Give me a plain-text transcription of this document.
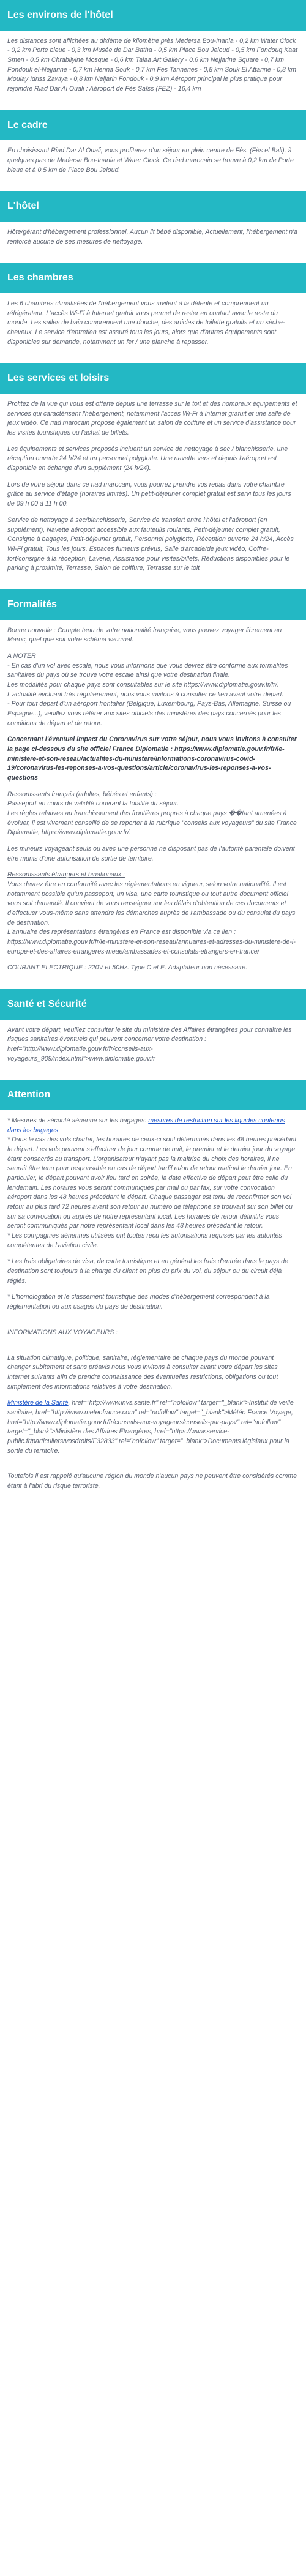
Les environs de l'hôtel

Les distances sont affichées au dixième de kilomètre près Medersa Bou-Inania - 0,2 km Water Clock - 0,2 km Porte bleue - 0,3 km Musée de Dar Batha - 0,5 km Place Bou Jeloud - 0,5 km Fondouq Kaat Smen - 0,5 km Chrabliyine Mosque - 0,6 km Talaa Art Gallery - 0,6 km Nejjarine Square - 0,7 km Fondouk el-Nejjarine - 0,7 km Henna Souk - 0,7 km Fes Tanneries - 0,8 km Souk El Attarine - 0,8 km Moulay Idriss Zawiya - 0,8 km Neljarin Fondouk - 0,9 km Aéroport principal le plus pratique pour rejoindre Riad Dar Al Ouali : Aéroport de Fès Saïss (FEZ) - 16,4 km

Le cadre

En choisissant Riad Dar Al Ouali, vous profiterez d'un séjour en plein centre de Fès. (Fès el Bali), à quelques pas de Medersa Bou-Inania et Water Clock. Ce riad marocain se trouve à 0,2 km de Porte bleue et à 0,5 km de Place Bou Jeloud.

L'hôtel

Hôte/gérant d'hébergement professionnel, Aucun lit bébé disponible, Actuellement, l'hébergement n'a renforcé aucune de ses mesures de nettoyage.

Les chambres

Les 6 chambres climatisées de l'hébergement vous invitent à la détente et comprennent un réfrigérateur. L'accès Wi-Fi à Internet gratuit vous permet de rester en contact avec le reste du monde. Les salles de bain comprennent une douche, des articles de toilette gratuits et un sèche-cheveux. Le service d'entretien est assuré tous les jours, alors que d'autres équipements sont disponibles sur demande, notamment un fer / une planche à repasser.

Les services et loisirs

Profitez de la vue qui vous est offerte depuis une terrasse sur le toit et des nombreux équipements et services qui caractérisent l'hébergement, notamment l'accès Wi-Fi à Internet gratuit et une salle de jeux vidéo. Ce riad marocain propose également un salon de coiffure et un service d'assistance pour les visites touristiques ou l'achat de billets.

Les équipements et services proposés incluent un service de nettoyage à sec / blanchisserie, une réception ouverte 24 h/24 et un personnel polyglotte. Une navette vers et depuis l'aéroport est disponible en échange d'un supplément (24 h/24).

Lors de votre séjour dans ce riad marocain, vous pourrez prendre vos repas dans votre chambre grâce au service d'étage (horaires limités). Un petit-déjeuner complet gratuit est servi tous les jours de 09 h 00 à 11 h 00.

Service de nettoyage à sec/blanchisserie, Service de transfert entre l'hôtel et l'aéroport (en supplément), Navette aéroport accessible aux fauteuils roulants, Petit-déjeuner complet gratuit, Consigne à bagages, Petit-déjeuner gratuit, Personnel polyglotte, Réception ouverte 24 h/24, Accès Wi-Fi gratuit, Tous les jours, Espaces fumeurs prévus, Salle d'arcade/de jeux vidéo, Coffre-fort/consigne à la réception, Laverie, Assistance pour visites/billets, Réductions disponibles pour le parking à proximité, Terrasse, Salon de coiffure, Terrasse sur le toit

Formalités

Bonne nouvelle : Compte tenu de votre nationalité française, vous pouvez voyager librement au Maroc, quel que soit votre schéma vaccinal.

A NOTER
- En cas d'un vol avec escale, nous vous informons que vous devrez être conforme aux formalités sanitaires du pays où se trouve votre escale ainsi que votre destination finale.
Les modalités pour chaque pays sont consultables sur le site https://www.diplomatie.gouv.fr/fr/. L'actualité évoluant très régulièrement, nous vous invitons à consulter ce lien avant votre départ.
- Pour tout départ d'un aéroport frontalier (Belgique, Luxembourg, Pays-Bas, Allemagne, Suisse ou Espagne...), veuillez vous référer aux sites officiels des ministères des pays concernés pour les conditions de départ et de retour.

Concernant l'éventuel impact du Coronavirus sur votre séjour, nous vous invitons à consulter la page ci-dessous du site officiel France Diplomatie : https://www.diplomatie.gouv.fr/fr/le-ministere-et-son-reseau/actualites-du-ministere/informations-coronavirus-covid-19/coronavirus-les-reponses-a-vos-questions/article/coronavirus-les-reponses-a-vos-questions

Ressortissants français (adultes, bébés et enfants) :
Passeport en cours de validité couvrant la totalité du séjour.
Les règles relatives au franchissement des frontières propres à chaque pays ��tant amenées à évoluer, il est vivement conseillé de se reporter à la rubrique "conseils aux voyageurs" du site France Diplomatie, https://www.diplomatie.gouv.fr/.

Les mineurs voyageant seuls ou avec une personne ne disposant pas de l'autorité parentale doivent être munis d'une autorisation de sortie de territoire.

Ressortissants étrangers et binationaux :
Vous devrez être en conformité avec les réglementations en vigueur, selon votre nationalité. Il est notamment possible qu'un passeport, un visa, une carte touristique ou tout autre document officiel vous soit demandé. Il convient de vous renseigner sur les délais d'obtention de ces documents et d'effectuer vous-même sans attendre les démarches auprès de l'ambassade ou du consulat du pays de destination.
L'annuaire des représentations étrangères en France est disponible via ce lien : https://www.diplomatie.gouv.fr/fr/le-ministere-et-son-reseau/annuaires-et-adresses-du-ministere-de-l-europe-et-des-affaires-etrangeres-meae/ambassades-et-consulats-etrangers-en-france/

COURANT ELECTRIQUE : 220V et 50Hz. Type C et E. Adaptateur non nécessaire.

Santé et Sécurité

Avant votre départ, veuillez consulter le site du ministère des Affaires étrangères pour connaître les risques sanitaires éventuels qui peuvent concerner votre destination : href="http://www.diplomatie.gouv.fr/fr/conseils-aux-voyageurs_909/index.html">www.diplomatie.gouv.fr

Attention

* Mesures de sécurité aérienne sur les bagages: mesures de restriction sur les liquides contenus dans les bagages
* Dans le cas des vols charter, les horaires de ceux-ci sont déterminés dans les 48 heures précédant le départ. Les vols peuvent s'effectuer de jour comme de nuit, le premier et le dernier jour du voyage étant consacrés au transport. L'organisateur n'ayant pas la maîtrise du choix des horaires, il ne saurait être tenu pour responsable en cas de départ tardif et/ou de retour matinal le dernier jour. En particulier, le départ pouvant avoir lieu tard en soirée, la date effective de départ peut être celle du lendemain. Les horaires vous seront communiqués par mail ou par fax, sur votre convocation aéroport dans les 48 heures précédant le départ. Chaque passager est tenu de reconfirmer son vol retour au plus tard 72 heures avant son retour au numéro de téléphone se trouvant sur son billet ou sur sa convocation ou auprès de notre représentant local. Les horaires de retour définitifs vous seront communiqués par notre représentant local dans les 48 heures précédant le retour.
* Les compagnies aériennes utilisées ont toutes reçu les autorisations requises par les autorités compétentes de l'aviation civile.

* Les frais obligatoires de visa, de carte touristique et en général les frais d'entrée dans le pays de destination sont toujours à la charge du client en plus du prix du vol, du séjour ou du circuit déjà réglés.

* L'homologation et le classement touristique des modes d'hébergement correspondent à la réglementation ou aux usages du pays de destination.

INFORMATIONS AUX VOYAGEURS :

La situation climatique, politique, sanitaire, réglementaire de chaque pays du monde pouvant changer subitement et sans préavis nous vous invitons à consulter avant votre départ les sites Internet suivants afin de prendre connaissance des éventuelles restrictions, obligations ou tout simplement des informations relatives à votre destination.

Ministère de la Santé, href="http://www.invs.sante.fr" rel="nofollow" target="_blank">Institut de veille sanitaire, href="http://www.meteofrance.com" rel="nofollow" target="_blank">Météo France Voyage, href="http://www.diplomatie.gouv.fr/fr/conseils-aux-voyageurs/conseils-par-pays/" rel="nofollow" target="_blank">Ministère des Affaires Etrangères, href="https://www.service-public.fr/particuliers/vosdroits/F32833" rel="nofollow" target="_blank">Documents législaux pour la sortie du territoire.

Toutefois il est rappelé qu'aucune région du monde n'aucun pays ne peuvent être considérés comme étant à l'abri du risque terroriste.
